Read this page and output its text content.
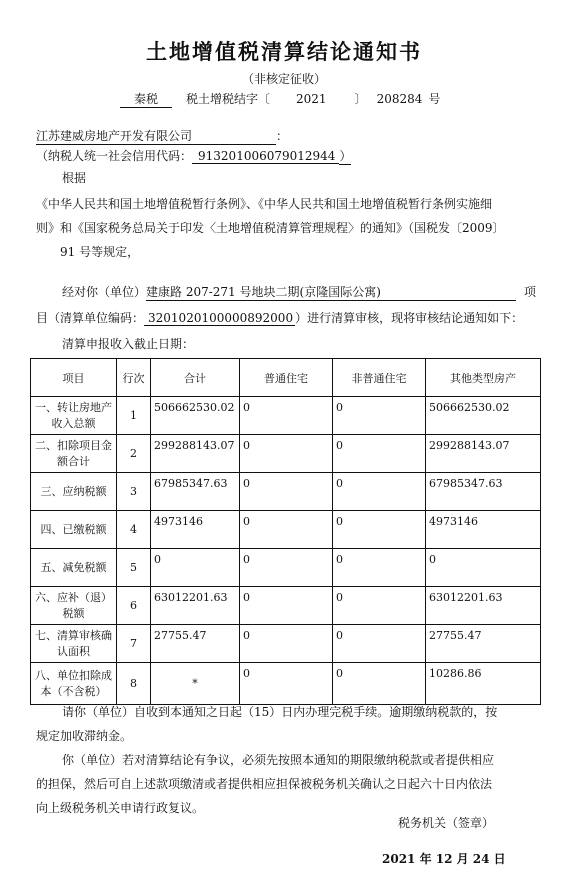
土地增值税清算结论通知书
（非核定征收）
秦税 税土增税结字〔 2021 〕 208284 号
江苏建威房地产开发有限公司	：
（纳税人统一社会信用代码： 913201006079012944 ）
根据
《中华人民共和国土地增值税暂行条例》、《中华人民共和国土地增值税暂行条例实施细
则》和《国家税务总局关于印发〈土地增值税清算管理规程〉的通知》（国税发〔2009〕
91 号等规定，
经对你（单位）建康路 207-271 号地块二期(京隆国际公寓)	项
目（清算单位编码： 3201020100000892000 ）进行清算审核，现将审核结论通知如下：
清算申报收入截止日期：
项目	行次	合计	普通住宅	非普通住宅	其他类型房产
一、转让房地产收入总额	1	506662530.02	0	0	506662530.02
二、扣除项目金额合计	2	299288143.07	0	0	299288143.07
三、应纳税额	3	67985347.63	0	0	67985347.63
四、已缴税额	4	4973146	0	0	4973146
五、减免税额	5	0	0	0	0
六、应补（退）税额	6	63012201.63	0	0	63012201.63
七、清算审核确认面积	7	27755.47	0	0	27755.47
八、单位扣除成本（不含税）	8	*	0	0	10286.86
请你（单位）自收到本通知之日起（15）日内办理完税手续。逾期缴纳税款的，按
规定加收滞纳金。
你（单位）若对清算结论有争议，必须先按照本通知的期限缴纳税款或者提供相应
的担保，然后可自上述款项缴清或者提供相应担保被税务机关确认之日起六十日内依法
向上级税务机关申请行政复议。
税务机关（签章）
2021 年 12 月 24 日
